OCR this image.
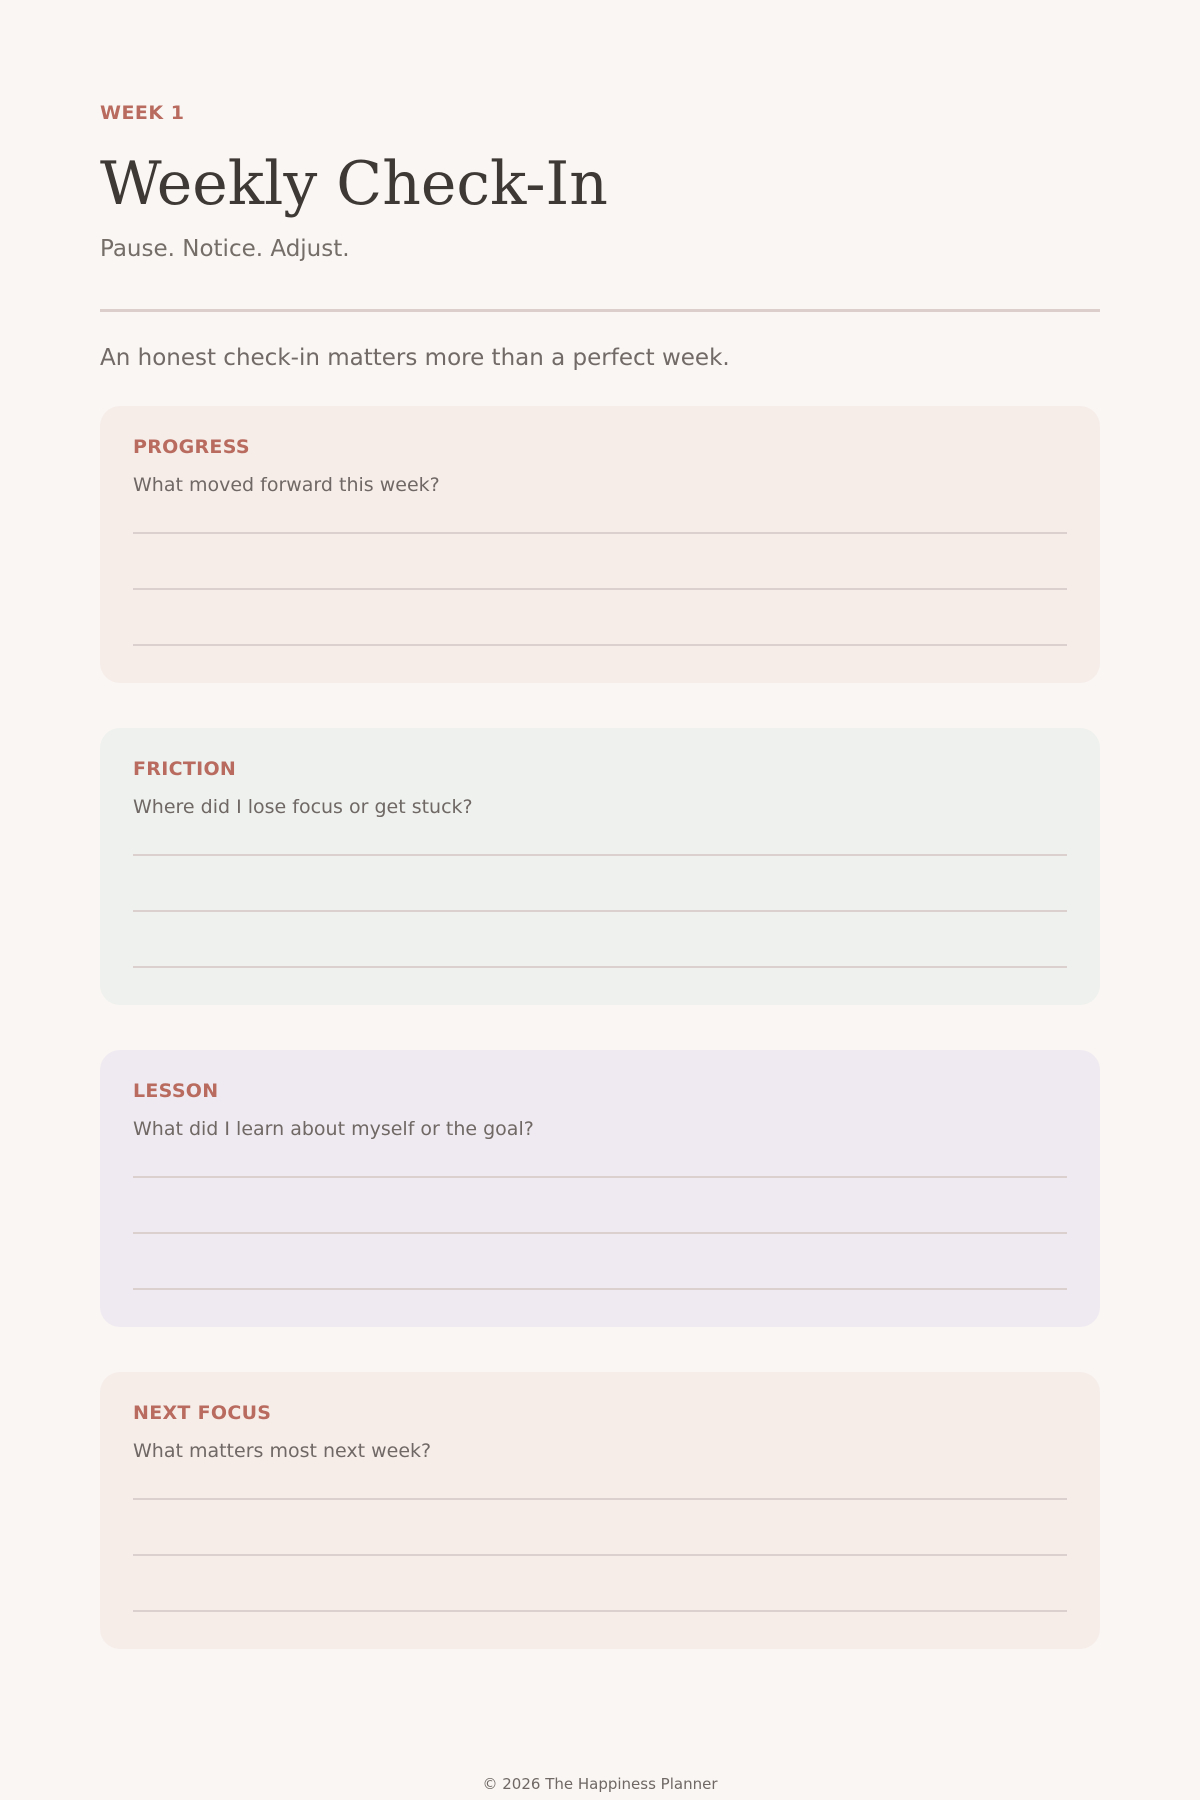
WEEK 1
Weekly Check-In
Pause. Notice. Adjust.
An honest check-in matters more than a perfect week.
PROGRESS
What moved forward this week?
FRICTION
Where did I lose focus or get stuck?
LESSON
What did I learn about myself or the goal?
NEXT FOCUS
What matters most next week?
© 2026 The Happiness Planner
